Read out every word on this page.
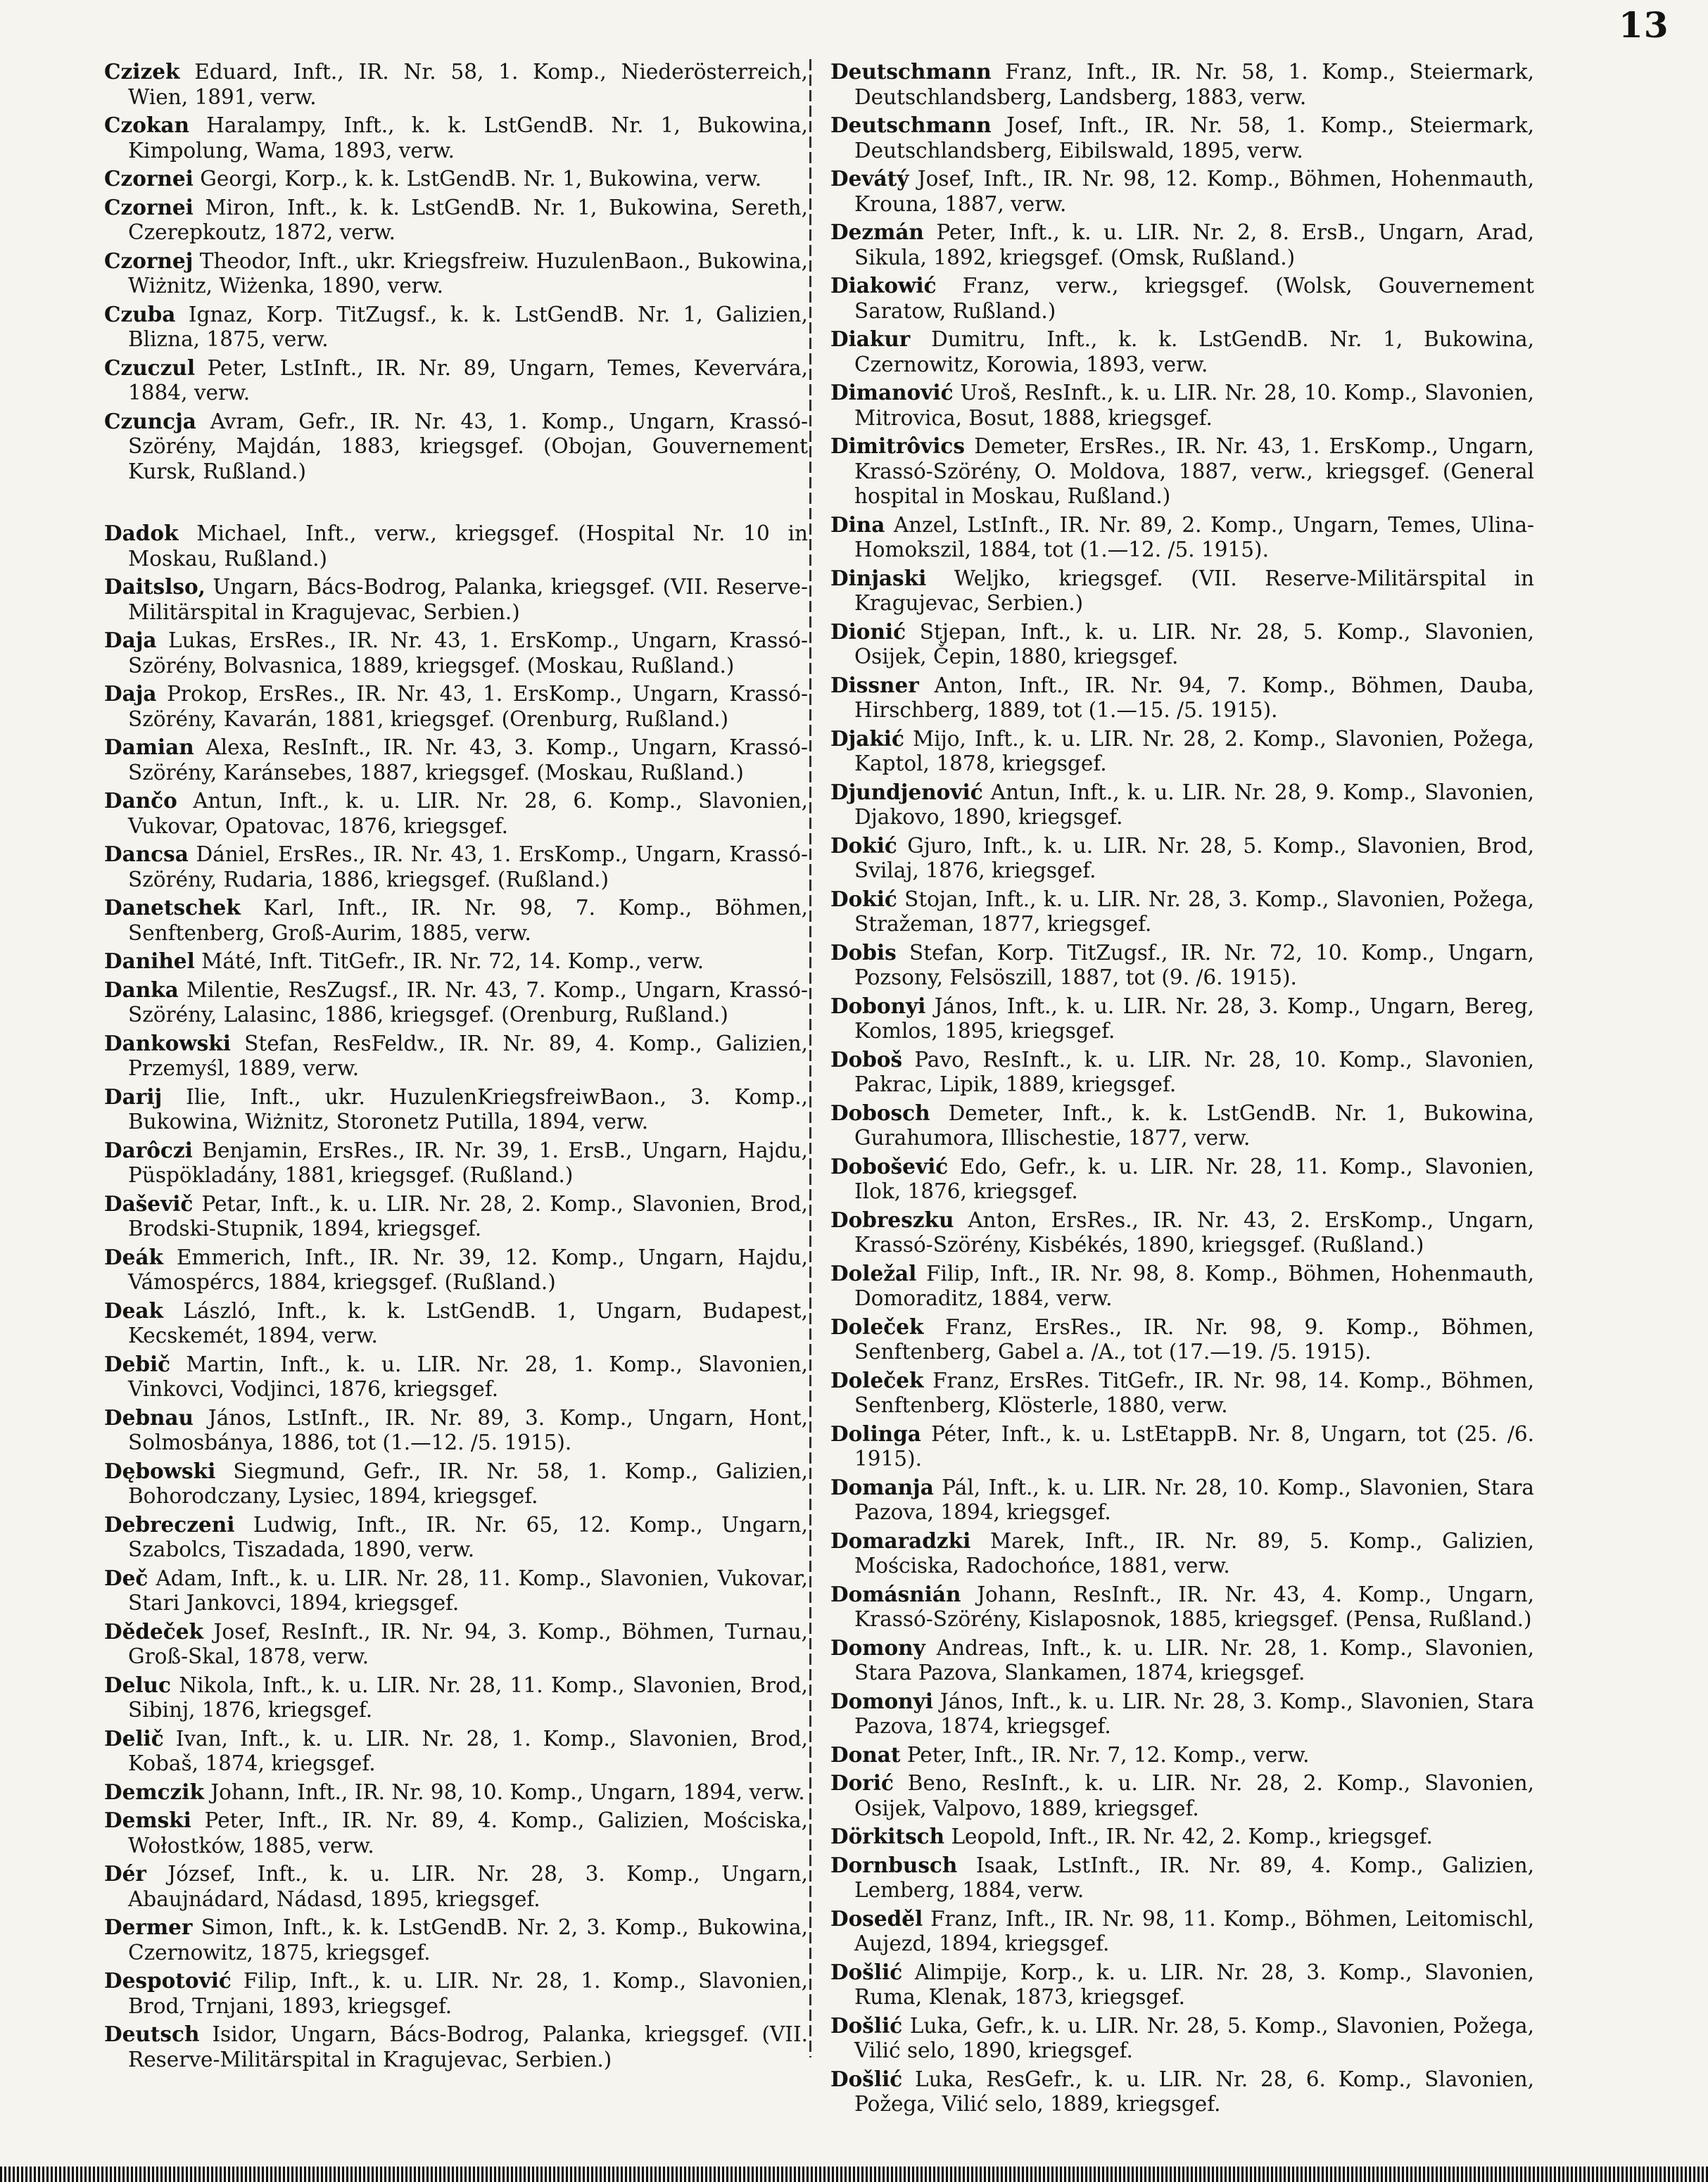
13
Czizek Eduard, Inft., IR. Nr. 58, 1. Komp., Niederösterreich, Wien, 1891, verw.
Czokan Haralampy, Inft., k. k. LstGendB. Nr. 1, Bukowina, Kimpolung, Wama, 1893, verw.
Czornei Georgi, Korp., k. k. LstGendB. Nr. 1, Bukowina, verw.
Czornei Miron, Inft., k. k. LstGendB. Nr. 1, Bukowina, Sereth, Czerepkoutz, 1872, verw.
Czornej Theodor, Inft., ukr. Kriegsfreiw. HuzulenBaon., Bukowina, Wiżnitz, Wiżenka, 1890, verw.
Czuba Ignaz, Korp. TitZugsf., k. k. LstGendB. Nr. 1, Galizien, Blizna, 1875, verw.
Czuczul Peter, LstInft., IR. Nr. 89, Ungarn, Temes, Kevervára, 1884, verw.
Czuncja Avram, Gefr., IR. Nr. 43, 1. Komp., Ungarn, Krassó-Szörény, Majdán, 1883, kriegsgef. (Obojan, Gouvernement Kursk, Rußland.)
Dadok Michael, Inft., verw., kriegsgef. (Hospital Nr. 10 in Moskau, Rußland.)
Daitslso, Ungarn, Bács-Bodrog, Palanka, kriegsgef. (VII. Reserve-Militärspital in Kragujevac, Serbien.)
Daja Lukas, ErsRes., IR. Nr. 43, 1. ErsKomp., Ungarn, Krassó-Szörény, Bolvasnica, 1889, kriegsgef. (Moskau, Rußland.)
Daja Prokop, ErsRes., IR. Nr. 43, 1. ErsKomp., Ungarn, Krassó-Szörény, Kavarán, 1881, kriegsgef. (Orenburg, Rußland.)
Damian Alexa, ResInft., IR. Nr. 43, 3. Komp., Ungarn, Krassó-Szörény, Karánsebes, 1887, kriegsgef. (Moskau, Rußland.)
Dančo Antun, Inft., k. u. LIR. Nr. 28, 6. Komp., Slavonien, Vukovar, Opatovac, 1876, kriegsgef.
Dancsa Dániel, ErsRes., IR. Nr. 43, 1. ErsKomp., Ungarn, Krassó-Szörény, Rudaria, 1886, kriegsgef. (Rußland.)
Danetschek Karl, Inft., IR. Nr. 98, 7. Komp., Böhmen, Senftenberg, Groß-Aurim, 1885, verw.
Danihel Máté, Inft. TitGefr., IR. Nr. 72, 14. Komp., verw.
Danka Milentie, ResZugsf., IR. Nr. 43, 7. Komp., Ungarn, Krassó-Szörény, Lalasinc, 1886, kriegsgef. (Orenburg, Rußland.)
Dankowski Stefan, ResFeldw., IR. Nr. 89, 4. Komp., Galizien, Przemyśl, 1889, verw.
Darij Ilie, Inft., ukr. HuzulenKriegsfreiwBaon., 3. Komp., Bukowina, Wiżnitz, Storonetz Putilla, 1894, verw.
Darôczi Benjamin, ErsRes., IR. Nr. 39, 1. ErsB., Ungarn, Hajdu, Püspökladány, 1881, kriegsgef. (Rußland.)
Daševič Petar, Inft., k. u. LIR. Nr. 28, 2. Komp., Slavonien, Brod, Brodski-Stupnik, 1894, kriegsgef.
Deák Emmerich, Inft., IR. Nr. 39, 12. Komp., Ungarn, Hajdu, Vámospércs, 1884, kriegsgef. (Rußland.)
Deak László, Inft., k. k. LstGendB. 1, Ungarn, Budapest, Kecskemét, 1894, verw.
Debič Martin, Inft., k. u. LIR. Nr. 28, 1. Komp., Slavonien, Vinkovci, Vodjinci, 1876, kriegsgef.
Debnau János, LstInft., IR. Nr. 89, 3. Komp., Ungarn, Hont, Solmosbánya, 1886, tot (1.—12. /5. 1915).
Dębowski Siegmund, Gefr., IR. Nr. 58, 1. Komp., Galizien, Bohorodczany, Lysiec, 1894, kriegsgef.
Debreczeni Ludwig, Inft., IR. Nr. 65, 12. Komp., Ungarn, Szabolcs, Tiszadada, 1890, verw.
Deč Adam, Inft., k. u. LIR. Nr. 28, 11. Komp., Slavonien, Vukovar, Stari Jankovci, 1894, kriegsgef.
Dědeček Josef, ResInft., IR. Nr. 94, 3. Komp., Böhmen, Turnau, Groß-Skal, 1878, verw.
Deluc Nikola, Inft., k. u. LIR. Nr. 28, 11. Komp., Slavonien, Brod, Sibinj, 1876, kriegsgef.
Delič Ivan, Inft., k. u. LIR. Nr. 28, 1. Komp., Slavonien, Brod, Kobaš, 1874, kriegsgef.
Demczik Johann, Inft., IR. Nr. 98, 10. Komp., Ungarn, 1894, verw.
Demski Peter, Inft., IR. Nr. 89, 4. Komp., Galizien, Mościska, Wołostków, 1885, verw.
Dér József, Inft., k. u. LIR. Nr. 28, 3. Komp., Ungarn, Abaujnádard, Nádasd, 1895, kriegsgef.
Dermer Simon, Inft., k. k. LstGendB. Nr. 2, 3. Komp., Bukowina, Czernowitz, 1875, kriegsgef.
Despotović Filip, Inft., k. u. LIR. Nr. 28, 1. Komp., Slavonien, Brod, Trnjani, 1893, kriegsgef.
Deutsch Isidor, Ungarn, Bács-Bodrog, Palanka, kriegsgef. (VII. Reserve-Militärspital in Kragujevac, Serbien.)
Deutschmann Franz, Inft., IR. Nr. 58, 1. Komp., Steiermark, Deutschlandsberg, Landsberg, 1883, verw.
Deutschmann Josef, Inft., IR. Nr. 58, 1. Komp., Steiermark, Deutschlandsberg, Eibilswald, 1895, verw.
Devátý Josef, Inft., IR. Nr. 98, 12. Komp., Böhmen, Hohenmauth, Krouna, 1887, verw.
Dezmán Peter, Inft., k. u. LIR. Nr. 2, 8. ErsB., Ungarn, Arad, Sikula, 1892, kriegsgef. (Omsk, Rußland.)
Diakowić Franz, verw., kriegsgef. (Wolsk, Gouvernement Saratow, Rußland.)
Diakur Dumitru, Inft., k. k. LstGendB. Nr. 1, Bukowina, Czernowitz, Korowia, 1893, verw.
Dimanović Uroš, ResInft., k. u. LIR. Nr. 28, 10. Komp., Slavonien, Mitrovica, Bosut, 1888, kriegsgef.
Dimitrôvics Demeter, ErsRes., IR. Nr. 43, 1. ErsKomp., Ungarn, Krassó-Szörény, O. Moldova, 1887, verw., kriegsgef. (General hospital in Moskau, Rußland.)
Dina Anzel, LstInft., IR. Nr. 89, 2. Komp., Ungarn, Temes, Ulina-Homokszil, 1884, tot (1.—12. /5. 1915).
Dinjaski Weljko, kriegsgef. (VII. Reserve-Militärspital in Kragujevac, Serbien.)
Dionić Stjepan, Inft., k. u. LIR. Nr. 28, 5. Komp., Slavonien, Osijek, Čepin, 1880, kriegsgef.
Dissner Anton, Inft., IR. Nr. 94, 7. Komp., Böhmen, Dauba, Hirschberg, 1889, tot (1.—15. /5. 1915).
Djakić Mijo, Inft., k. u. LIR. Nr. 28, 2. Komp., Slavonien, Požega, Kaptol, 1878, kriegsgef.
Djundjenović Antun, Inft., k. u. LIR. Nr. 28, 9. Komp., Slavonien, Djakovo, 1890, kriegsgef.
Dokić Gjuro, Inft., k. u. LIR. Nr. 28, 5. Komp., Slavonien, Brod, Svilaj, 1876, kriegsgef.
Dokić Stojan, Inft., k. u. LIR. Nr. 28, 3. Komp., Slavonien, Požega, Stražeman, 1877, kriegsgef.
Dobis Stefan, Korp. TitZugsf., IR. Nr. 72, 10. Komp., Ungarn, Pozsony, Felsöszill, 1887, tot (9. /6. 1915).
Dobonyi János, Inft., k. u. LIR. Nr. 28, 3. Komp., Ungarn, Bereg, Komlos, 1895, kriegsgef.
Doboš Pavo, ResInft., k. u. LIR. Nr. 28, 10. Komp., Slavonien, Pakrac, Lipik, 1889, kriegsgef.
Dobosch Demeter, Inft., k. k. LstGendB. Nr. 1, Bukowina, Gurahumora, Illischestie, 1877, verw.
Dobošević Edo, Gefr., k. u. LIR. Nr. 28, 11. Komp., Slavonien, Ilok, 1876, kriegsgef.
Dobreszku Anton, ErsRes., IR. Nr. 43, 2. ErsKomp., Ungarn, Krassó-Szörény, Kisbékés, 1890, kriegsgef. (Rußland.)
Doležal Filip, Inft., IR. Nr. 98, 8. Komp., Böhmen, Hohenmauth, Domoraditz, 1884, verw.
Doleček Franz, ErsRes., IR. Nr. 98, 9. Komp., Böhmen, Senftenberg, Gabel a. /A., tot (17.—19. /5. 1915).
Doleček Franz, ErsRes. TitGefr., IR. Nr. 98, 14. Komp., Böhmen, Senftenberg, Klösterle, 1880, verw.
Dolinga Péter, Inft., k. u. LstEtappB. Nr. 8, Ungarn, tot (25. /6. 1915).
Domanja Pál, Inft., k. u. LIR. Nr. 28, 10. Komp., Slavonien, Stara Pazova, 1894, kriegsgef.
Domaradzki Marek, Inft., IR. Nr. 89, 5. Komp., Galizien, Mościska, Radochońce, 1881, verw.
Domásnián Johann, ResInft., IR. Nr. 43, 4. Komp., Ungarn, Krassó-Szörény, Kislaposnok, 1885, kriegsgef. (Pensa, Rußland.)
Domony Andreas, Inft., k. u. LIR. Nr. 28, 1. Komp., Slavonien, Stara Pazova, Slankamen, 1874, kriegsgef.
Domonyi János, Inft., k. u. LIR. Nr. 28, 3. Komp., Slavonien, Stara Pazova, 1874, kriegsgef.
Donat Peter, Inft., IR. Nr. 7, 12. Komp., verw.
Dorić Beno, ResInft., k. u. LIR. Nr. 28, 2. Komp., Slavonien, Osijek, Valpovo, 1889, kriegsgef.
Dörkitsch Leopold, Inft., IR. Nr. 42, 2. Komp., kriegsgef.
Dornbusch Isaak, LstInft., IR. Nr. 89, 4. Komp., Galizien, Lemberg, 1884, verw.
Doseděl Franz, Inft., IR. Nr. 98, 11. Komp., Böhmen, Leitomischl, Aujezd, 1894, kriegsgef.
Došlić Alimpije, Korp., k. u. LIR. Nr. 28, 3. Komp., Slavonien, Ruma, Klenak, 1873, kriegsgef.
Došlić Luka, Gefr., k. u. LIR. Nr. 28, 5. Komp., Slavonien, Požega, Vilić selo, 1890, kriegsgef.
Došlić Luka, ResGefr., k. u. LIR. Nr. 28, 6. Komp., Slavonien, Požega, Vilić selo, 1889, kriegsgef.
